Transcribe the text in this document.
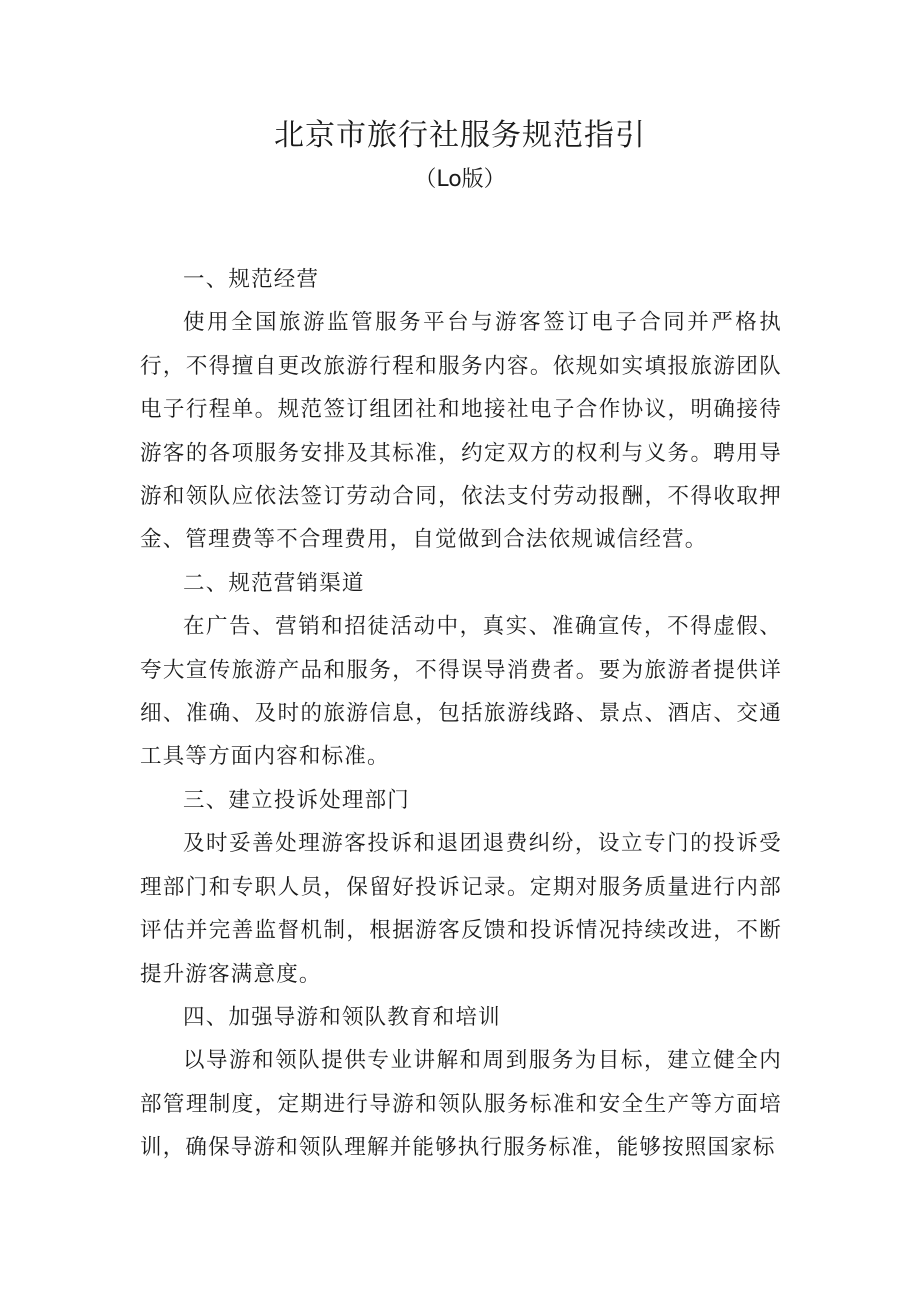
北京市旅行社服务规范指引

（Lo版）

一、规范经营

使用全国旅游监管服务平台与游客签订电子合同并严格执行，不得擅自更改旅游行程和服务内容。依规如实填报旅游团队电子行程单。规范签订组团社和地接社电子合作协议，明确接待游客的各项服务安排及其标准，约定双方的权利与义务。聘用导游和领队应依法签订劳动合同，依法支付劳动报酬，不得收取押金、管理费等不合理费用，自觉做到合法依规诚信经营。

二、规范营销渠道

在广告、营销和招徒活动中，真实、准确宣传，不得虚假、夸大宣传旅游产品和服务，不得误导消费者。要为旅游者提供详细、准确、及时的旅游信息，包括旅游线路、景点、酒店、交通工具等方面内容和标准。

三、建立投诉处理部门

及时妥善处理游客投诉和退团退费纠纷，设立专门的投诉受理部门和专职人员，保留好投诉记录。定期对服务质量进行内部评估并完善监督机制，根据游客反馈和投诉情况持续改进，不断提升游客满意度。

四、加强导游和领队教育和培训

以导游和领队提供专业讲解和周到服务为目标，建立健全内部管理制度，定期进行导游和领队服务标准和安全生产等方面培训，确保导游和领队理解并能够执行服务标准，能够按照国家标
